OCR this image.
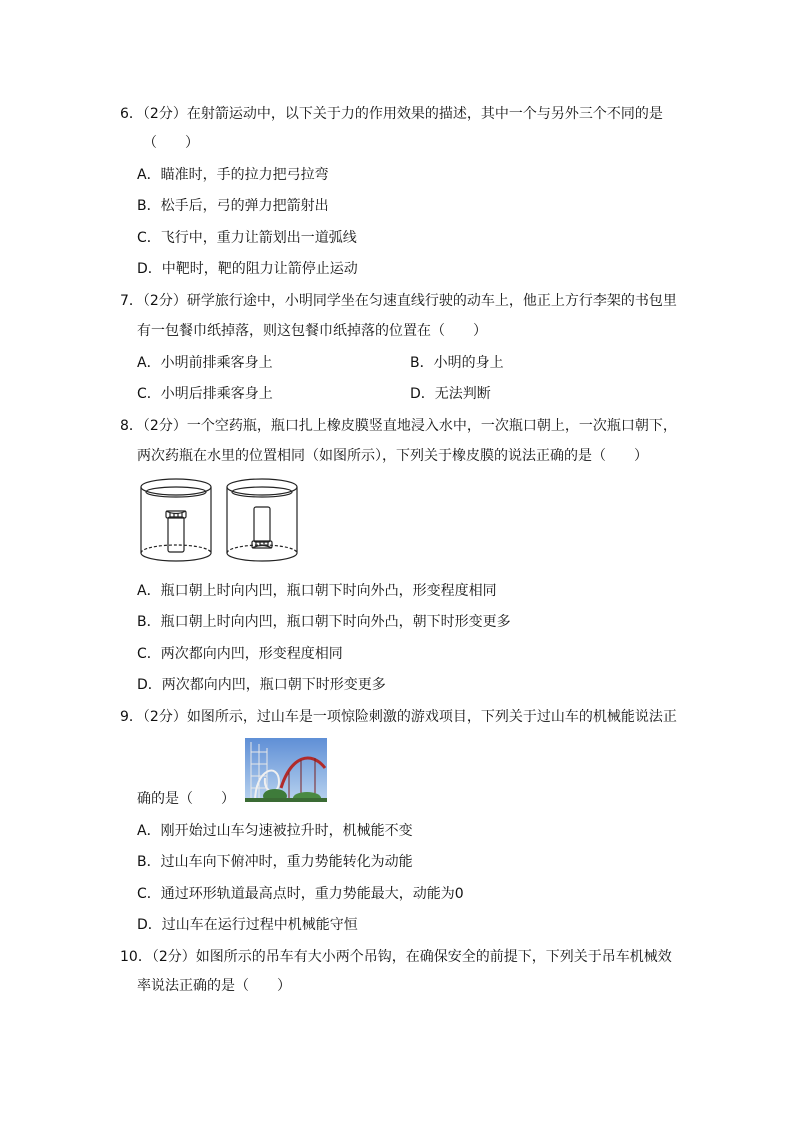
6．（2分）在射箭运动中，以下关于力的作用效果的描述，其中一个与另外三个不同的是
（　　）
A．瞄准时，手的拉力把弓拉弯
B．松手后，弓的弹力把箭射出
C．飞行中，重力让箭划出一道弧线
D．中靶时，靶的阻力让箭停止运动
7．（2分）研学旅行途中，小明同学坐在匀速直线行驶的动车上，他正上方行李架的书包里
有一包餐巾纸掉落，则这包餐巾纸掉落的位置在（　　）
A．小明前排乘客身上	B．小明的身上
C．小明后排乘客身上	D．无法判断
8．（2分）一个空药瓶，瓶口扎上橡皮膜竖直地浸入水中，一次瓶口朝上，一次瓶口朝下，
两次药瓶在水里的位置相同（如图所示），下列关于橡皮膜的说法正确的是（　　）
A．瓶口朝上时向内凹，瓶口朝下时向外凸，形变程度相同
B．瓶口朝上时向内凹，瓶口朝下时向外凸，朝下时形变更多
C．两次都向内凹，形变程度相同
D．两次都向内凹，瓶口朝下时形变更多
9．（2分）如图所示，过山车是一项惊险刺激的游戏项目，下列关于过山车的机械能说法正
确的是（　　）
A．刚开始过山车匀速被拉升时，机械能不变
B．过山车向下俯冲时，重力势能转化为动能
C．通过环形轨道最高点时，重力势能最大，动能为0
D．过山车在运行过程中机械能守恒
10．（2分）如图所示的吊车有大小两个吊钩，在确保安全的前提下，下列关于吊车机械效
率说法正确的是（　　）
